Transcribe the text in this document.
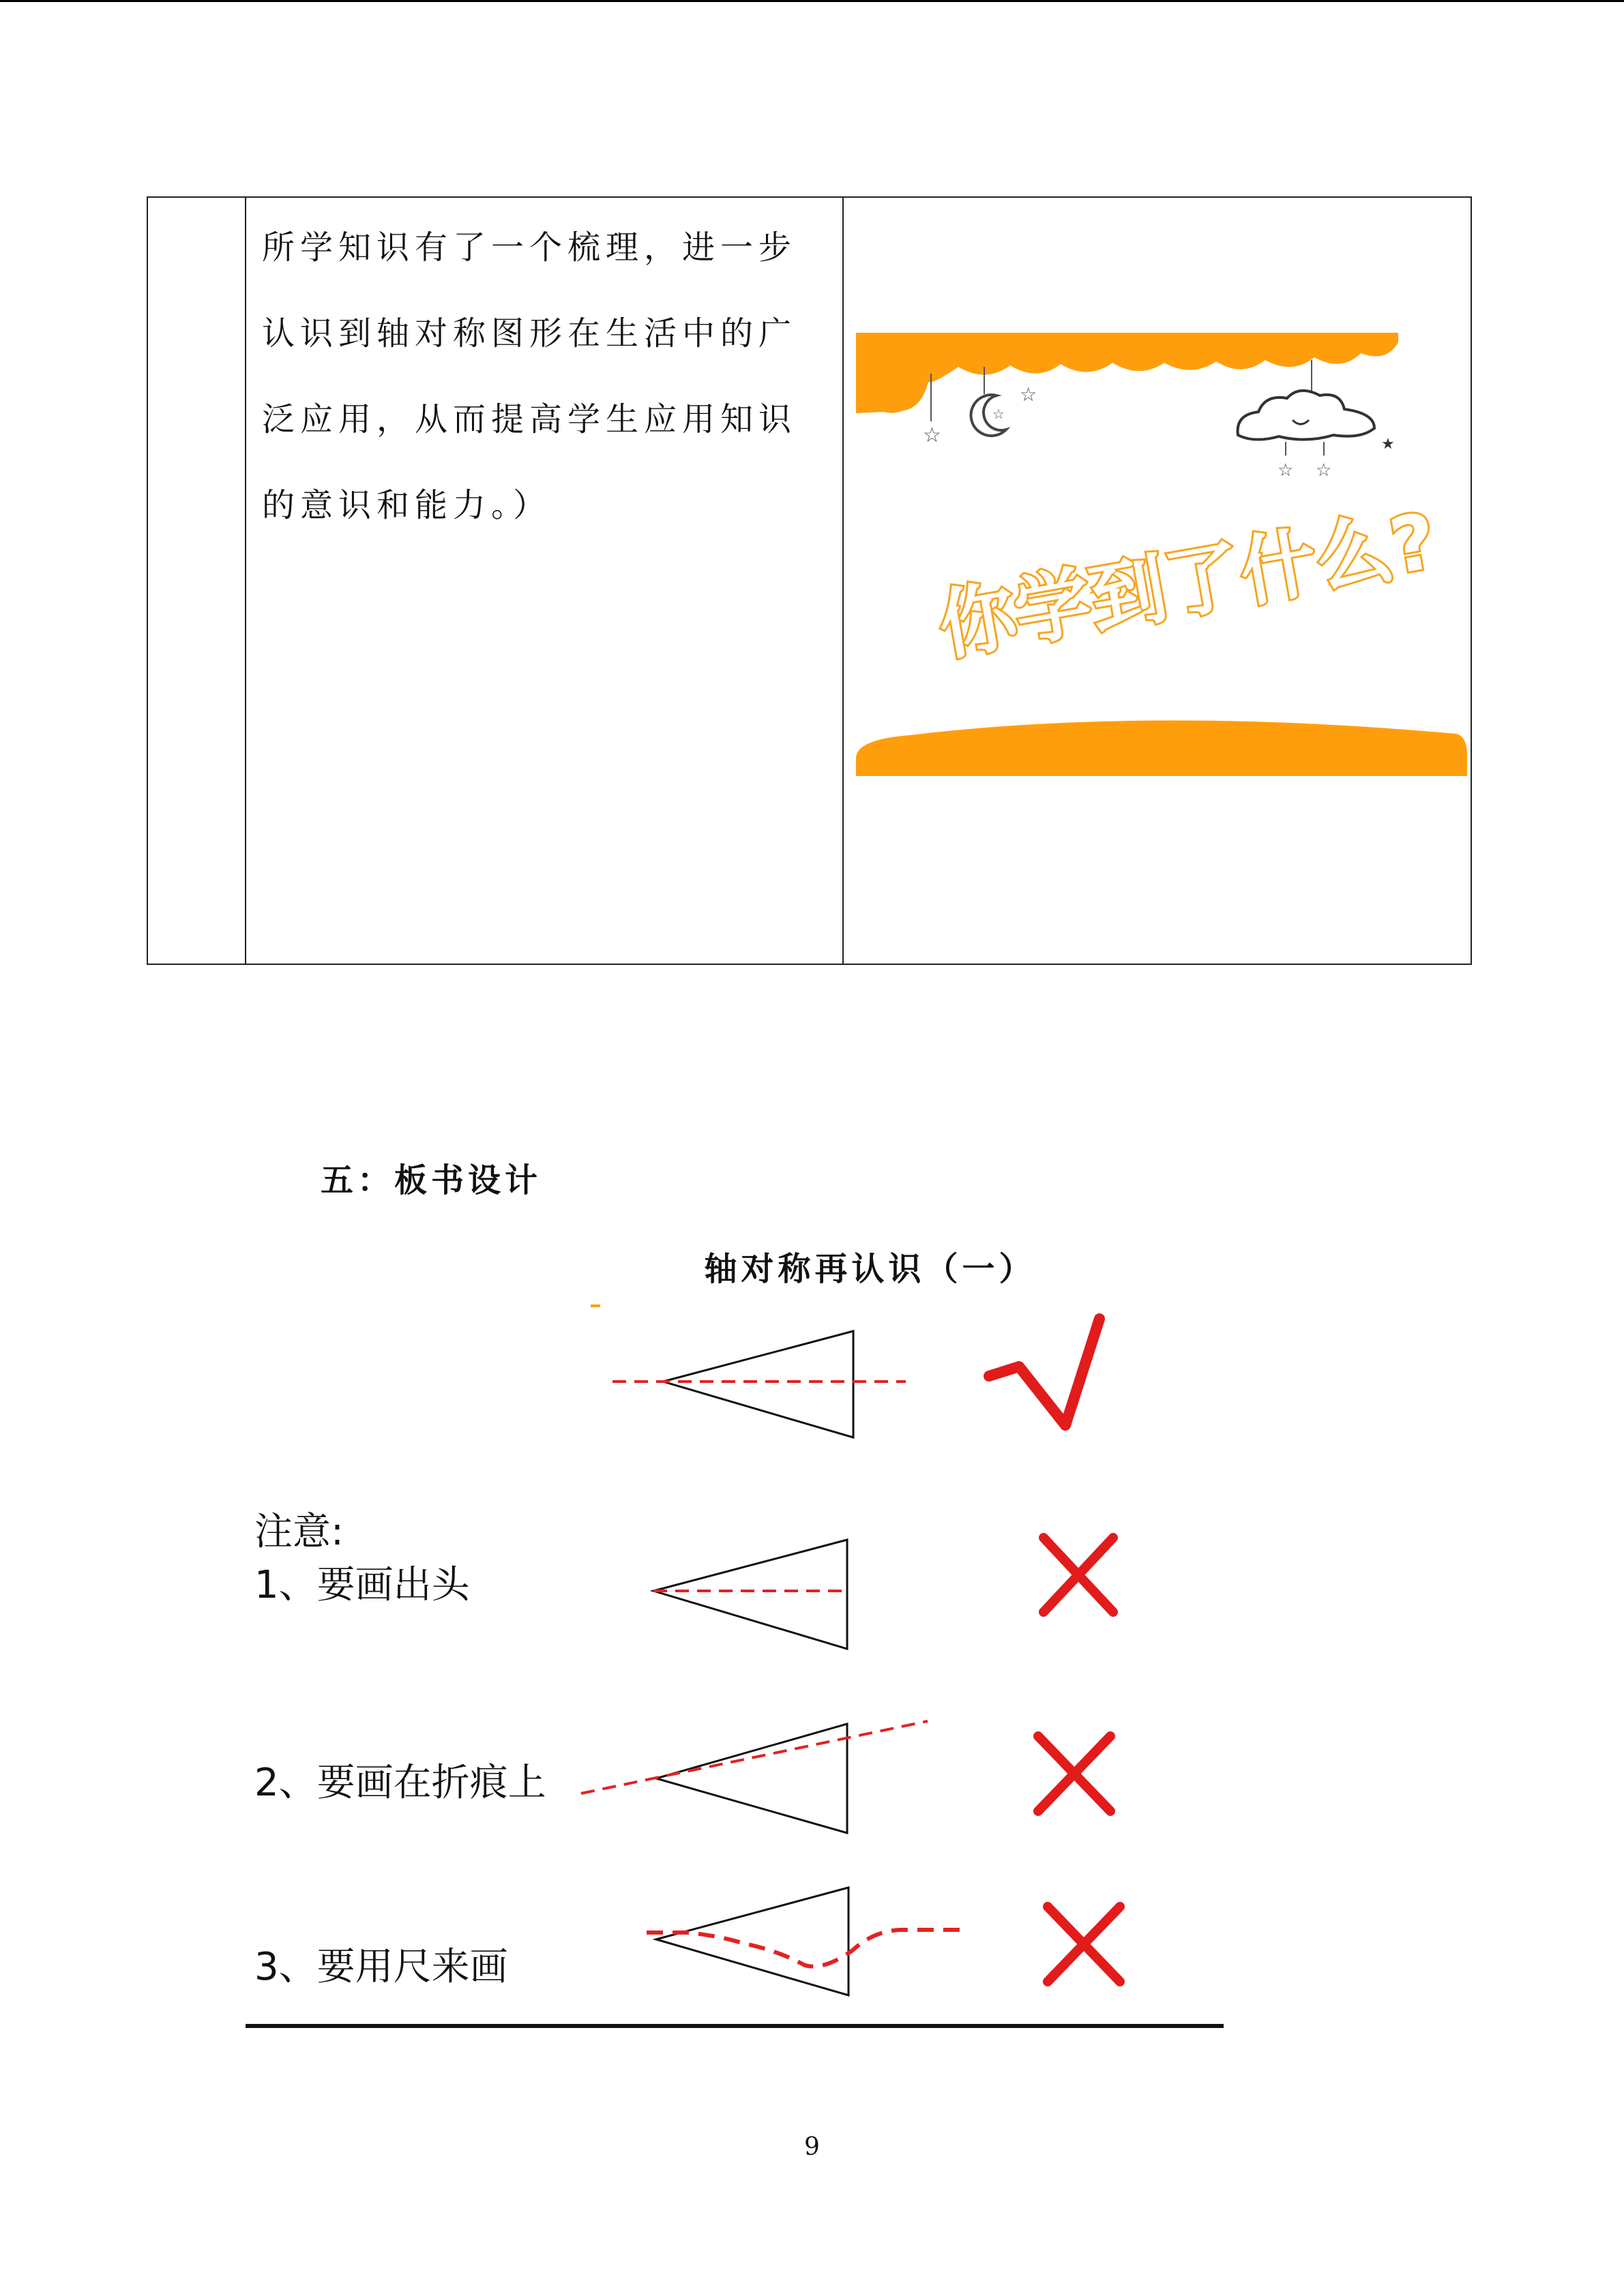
所学知识有了一个梳理，进一步
认识到轴对称图形在生活中的广
泛应用，从而提高学生应用知识
的意识和能力。）
☆
☆
☆
☆ ☆
★
你学到了什么?
五：板书设计
轴对称再认识（一）
注意:
1、要画出头
2、要画在折痕上
3、要用尺来画
9
